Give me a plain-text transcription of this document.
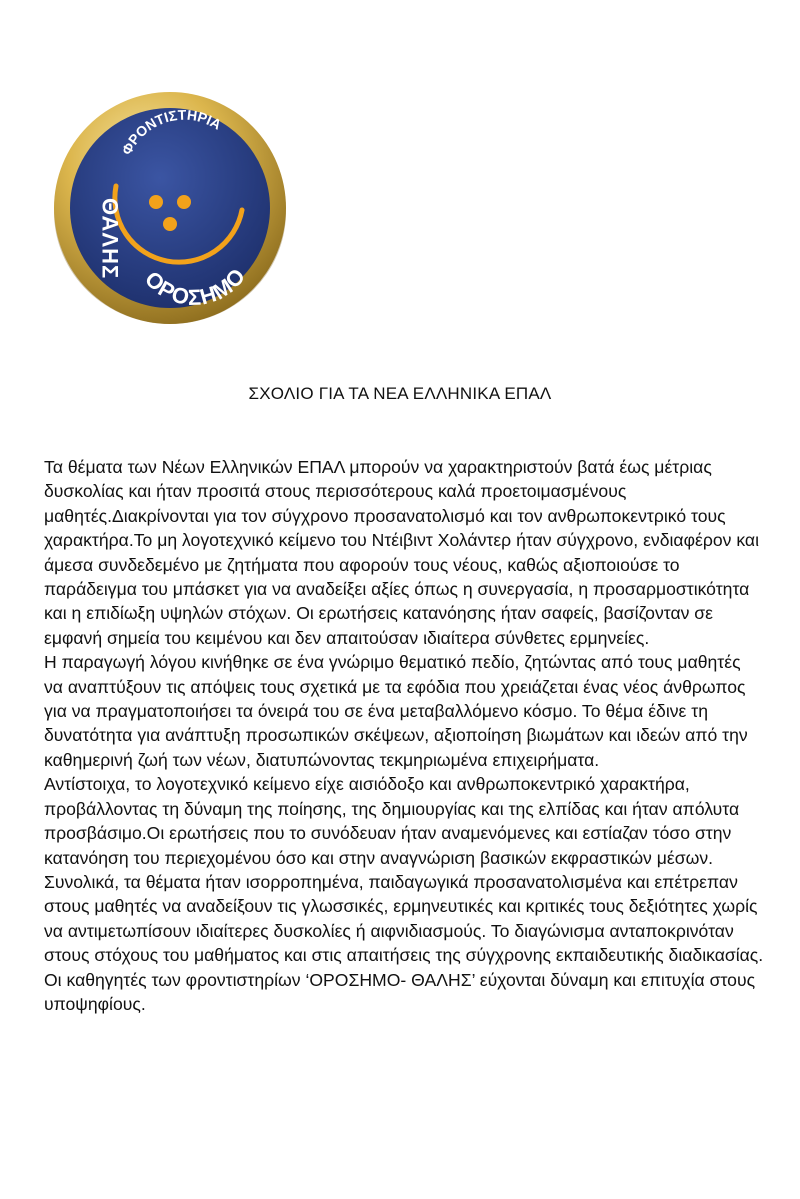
ΦΡΟΝΤΙΣΤΗΡΙΑ
ΘΑΛΗΣ
ΟΡΟΣΗΜΟ
ΣΧΟΛΙΟ ΓΙΑ ΤΑ ΝΕΑ ΕΛΛΗΝΙΚΑ ΕΠΑΛ

Τα θέματα των Νέων Ελληνικών ΕΠΑΛ μπορούν να χαρακτηριστούν βατά έως μέτριας δυσκολίας και ήταν προσιτά στους περισσότερους καλά προετοιμασμένους μαθητές.Διακρίνονται για τον σύγχρονο προσανατολισμό και τον ανθρωποκεντρικό τους χαρακτήρα.Το μη λογοτεχνικό κείμενο του Ντέιβιντ Χολάντερ ήταν σύγχρονο, ενδιαφέρον και άμεσα συνδεδεμένο με ζητήματα που αφορούν τους νέους, καθώς αξιοποιούσε το παράδειγμα του μπάσκετ για να αναδείξει αξίες όπως η συνεργασία, η προσαρμοστικότητα και η επιδίωξη υψηλών στόχων. Οι ερωτήσεις κατανόησης ήταν σαφείς, βασίζονταν σε εμφανή σημεία του κειμένου και δεν απαιτούσαν ιδιαίτερα σύνθετες ερμηνείες.

Η παραγωγή λόγου κινήθηκε σε ένα γνώριμο θεματικό πεδίο, ζητώντας από τους μαθητές να αναπτύξουν τις απόψεις τους σχετικά με τα εφόδια που χρειάζεται ένας νέος άνθρωπος για να πραγματοποιήσει τα όνειρά του σε ένα μεταβαλλόμενο κόσμο. Το θέμα έδινε τη δυνατότητα για ανάπτυξη προσωπικών σκέψεων, αξιοποίηση βιωμάτων και ιδεών από την καθημερινή ζωή των νέων, διατυπώνοντας τεκμηριωμένα επιχειρήματα.

Αντίστοιχα, το λογοτεχνικό κείμενο είχε αισιόδοξο και ανθρωποκεντρικό χαρακτήρα, προβάλλοντας τη δύναμη της ποίησης, της δημιουργίας και της ελπίδας και ήταν απόλυτα προσβάσιμο.Οι ερωτήσεις που το συνόδευαν ήταν αναμενόμενες και εστίαζαν τόσο στην κατανόηση του περιεχομένου όσο και στην αναγνώριση βασικών εκφραστικών μέσων. Συνολικά, τα θέματα ήταν ισορροπημένα, παιδαγωγικά προσανατολισμένα και επέτρεπαν στους μαθητές να αναδείξουν τις γλωσσικές, ερμηνευτικές και κριτικές τους δεξιότητες χωρίς να αντιμετωπίσουν ιδιαίτερες δυσκολίες ή αιφνιδιασμούς. Το διαγώνισμα ανταποκρινόταν στους στόχους του μαθήματος και στις απαιτήσεις της σύγχρονης εκπαιδευτικής διαδικασίας.

Οι καθηγητές των φροντιστηρίων ‘ΟΡΟΣΗΜΟ- ΘΑΛΗΣ’ εύχονται δύναμη και επιτυχία στους υποψηφίους.
